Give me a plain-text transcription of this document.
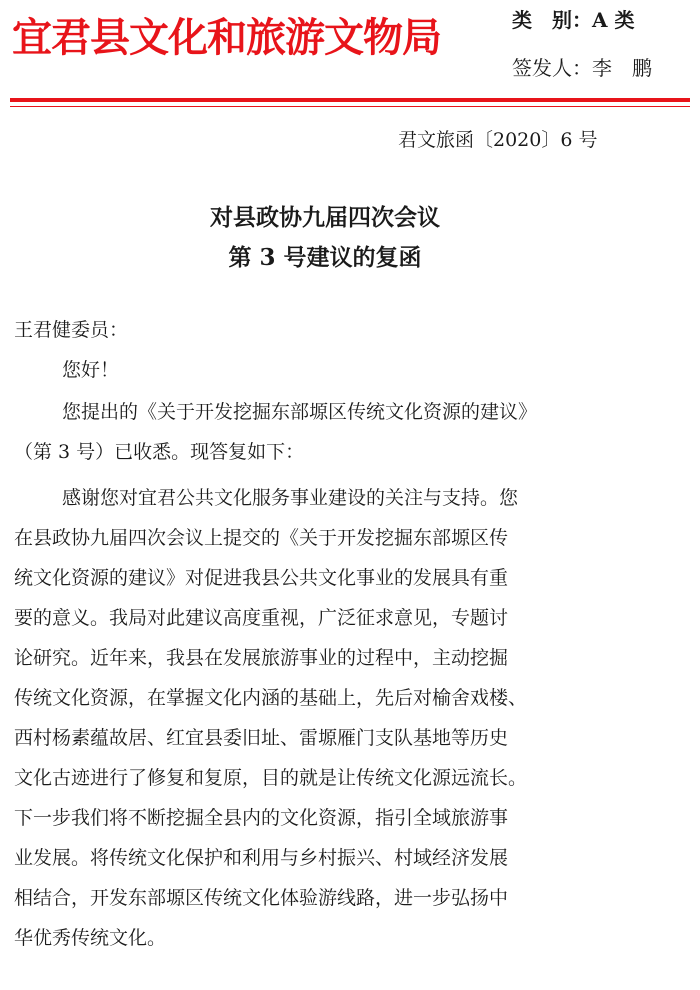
宜君县文化和旅游文物局	类　别：A 类
签发人：李　鹏
君文旅函〔2020〕6 号
对县政协九届四次会议
第 3 号建议的复函
王君健委员：
您好！
您提出的《关于开发挖掘东部塬区传统文化资源的建议》
（第 3 号）已收悉。现答复如下：
感谢您对宜君公共文化服务事业建设的关注与支持。您
在县政协九届四次会议上提交的《关于开发挖掘东部塬区传
统文化资源的建议》对促进我县公共文化事业的发展具有重
要的意义。我局对此建议高度重视，广泛征求意见，专题讨
论研究。近年来，我县在发展旅游事业的过程中，主动挖掘
传统文化资源，在掌握文化内涵的基础上，先后对榆舍戏楼、
西村杨素蕴故居、红宜县委旧址、雷塬雁门支队基地等历史
文化古迹进行了修复和复原，目的就是让传统文化源远流长。
下一步我们将不断挖掘全县内的文化资源，指引全域旅游事
业发展。将传统文化保护和利用与乡村振兴、村域经济发展
相结合，开发东部塬区传统文化体验游线路，进一步弘扬中
华优秀传统文化。
